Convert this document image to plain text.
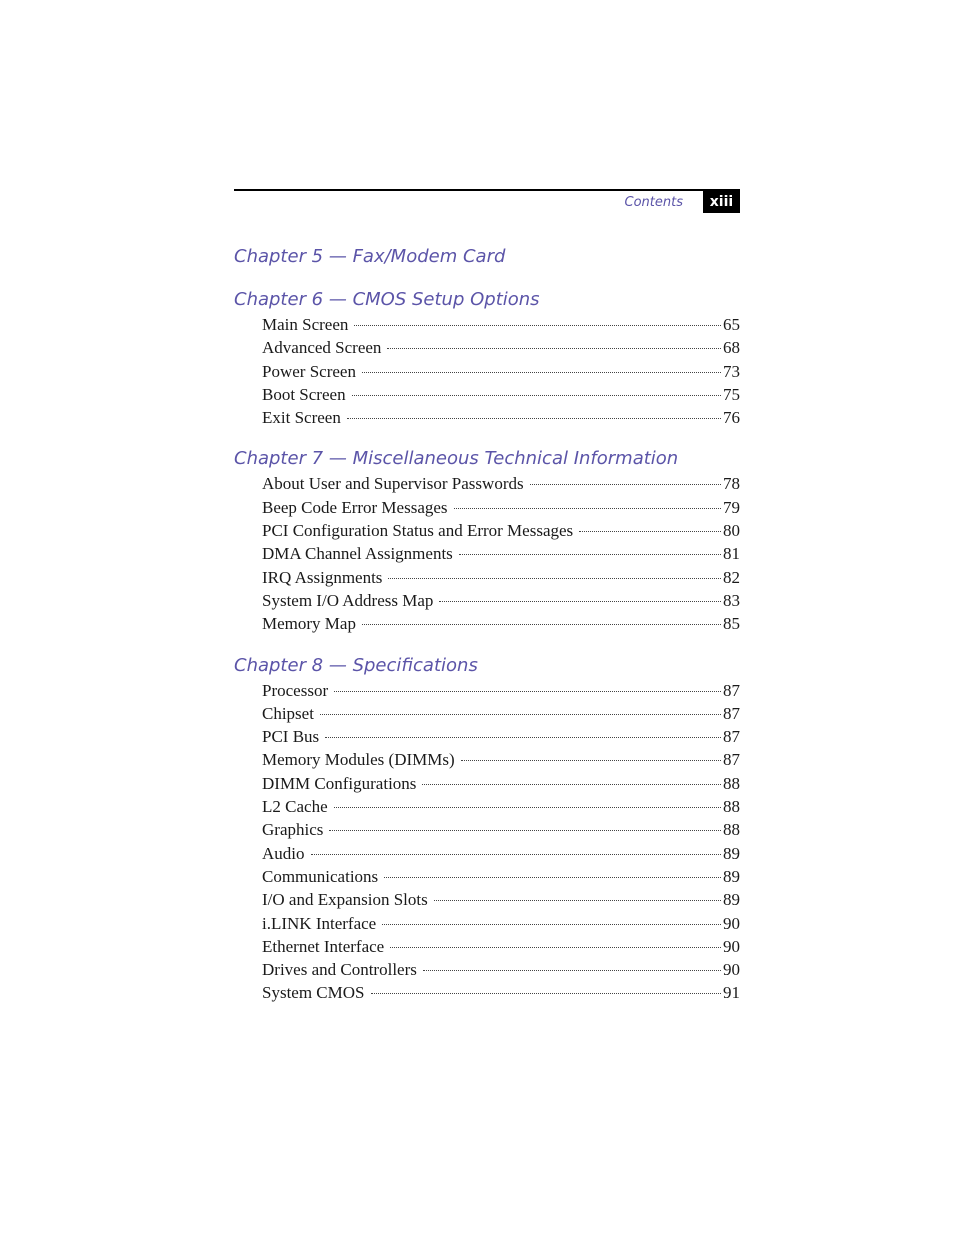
Contents	xiii
Chapter 5 — Fax/Modem Card
Chapter 6 — CMOS Setup Options
Main Screen	65
Advanced Screen	68
Power Screen	73
Boot Screen	75
Exit Screen	76
Chapter 7 — Miscellaneous Technical Information
About User and Supervisor Passwords	78
Beep Code Error Messages	79
PCI Configuration Status and Error Messages	80
DMA Channel Assignments	81
IRQ Assignments	82
System I/O Address Map	83
Memory Map	85
Chapter 8 — Specifications
Processor	87
Chipset	87
PCI Bus	87
Memory Modules (DIMMs)	87
DIMM Configurations	88
L2 Cache	88
Graphics	88
Audio	89
Communications	89
I/O and Expansion Slots	89
i.LINK Interface	90
Ethernet Interface	90
Drives and Controllers	90
System CMOS	91
